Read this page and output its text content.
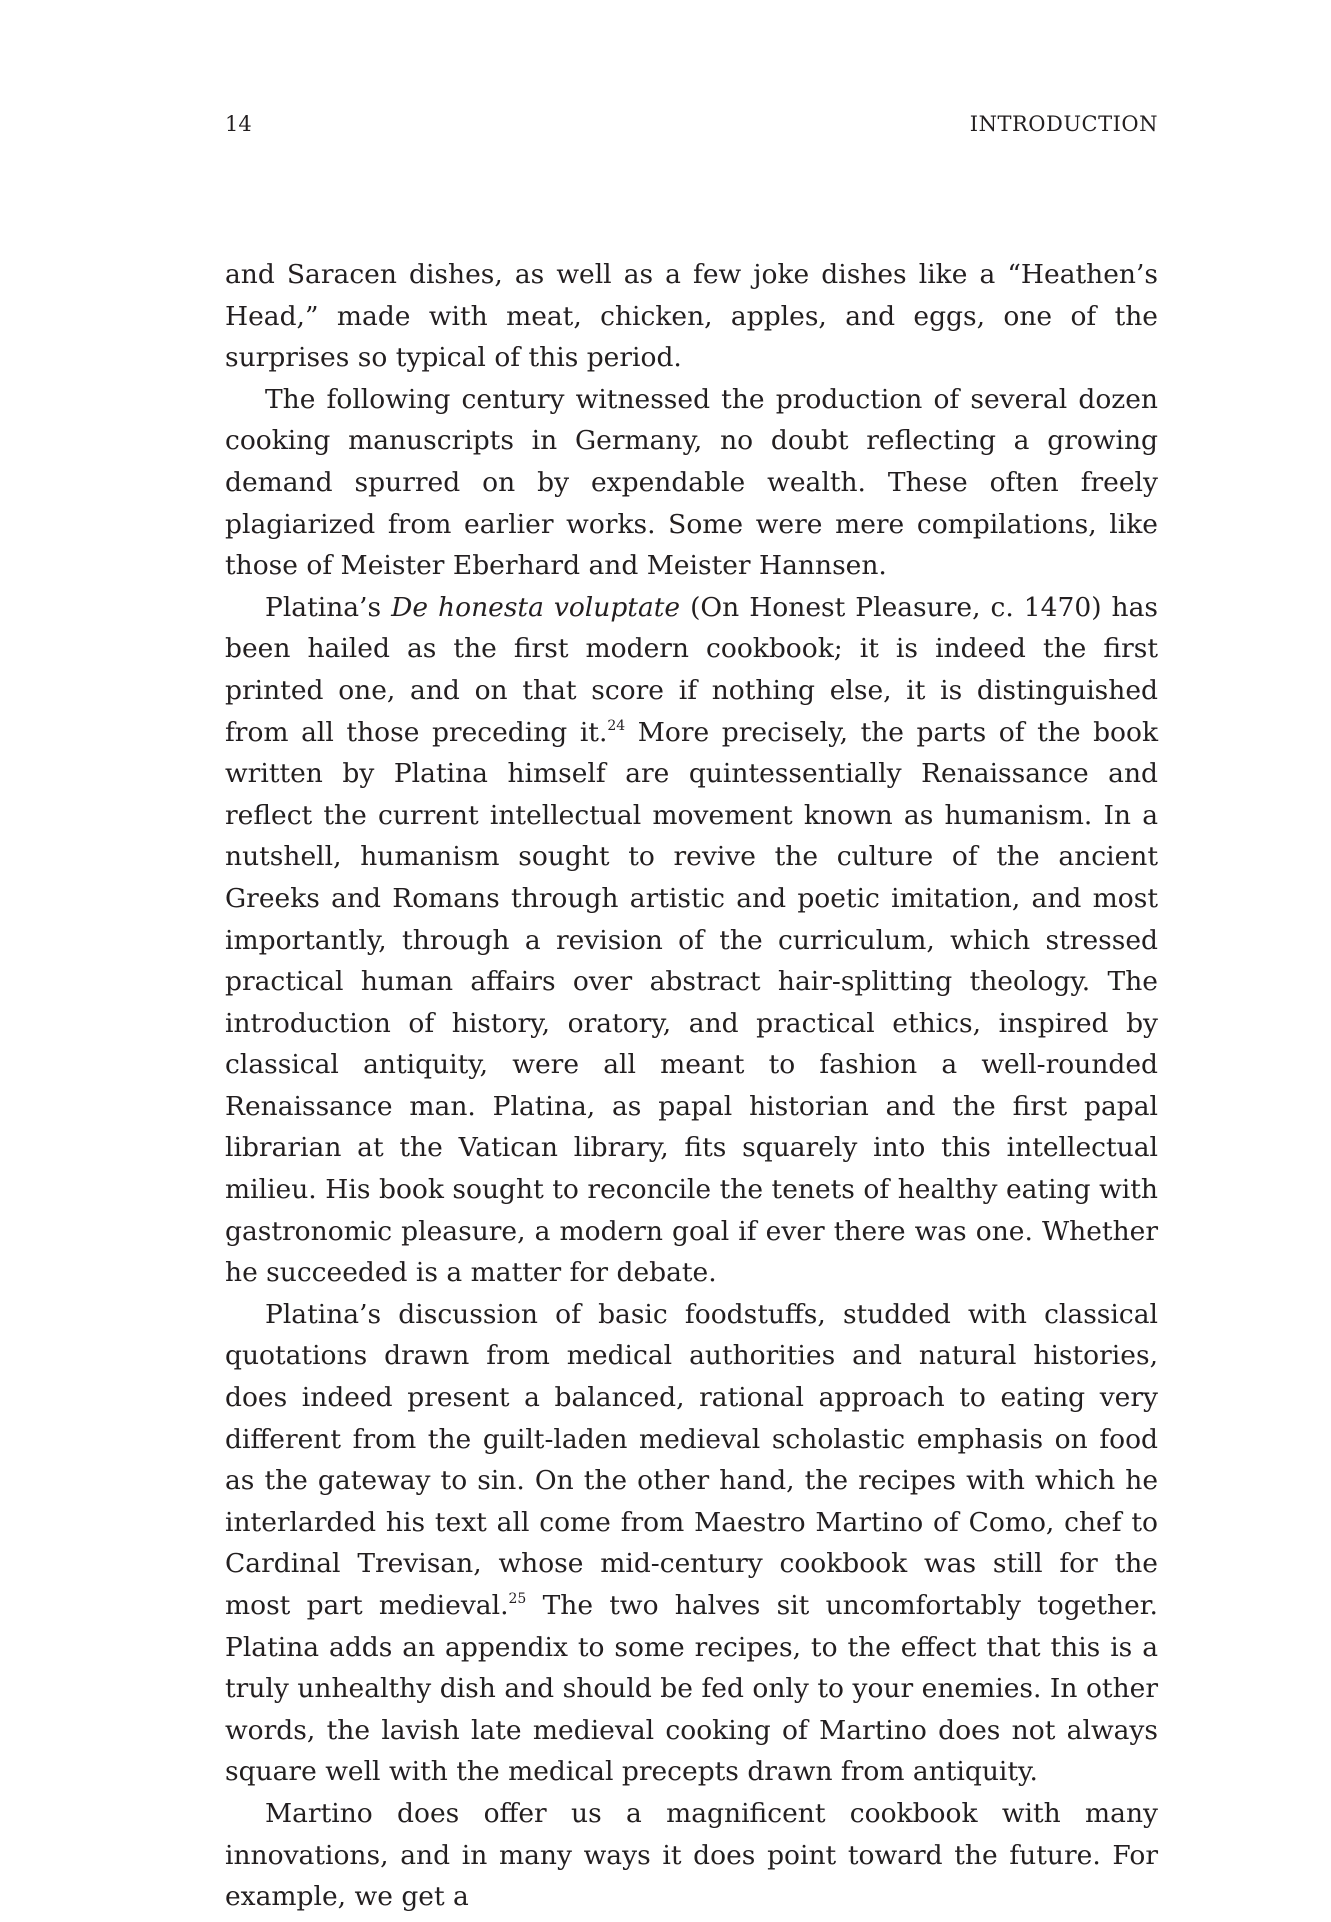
14	INTRODUCTION

and Saracen dishes, as well as a few joke dishes like a “Heathen’s Head,” made with meat, chicken, apples, and eggs, one of the surprises so typical of this period.

The following century witnessed the production of several dozen cooking manuscripts in Germany, no doubt reflecting a growing demand spurred on by expendable wealth. These often freely plagiarized from earlier works. Some were mere compilations, like those of Meister Eberhard and Meister Hannsen.

Platina’s De honesta voluptate (On Honest Pleasure, c. 1470) has been hailed as the first modern cookbook; it is indeed the first printed one, and on that score if nothing else, it is distinguished from all those preceding it.$^{24}$ More precisely, the parts of the book written by Platina himself are quintessentially Renaissance and reflect the current intellectual movement known as humanism. In a nutshell, humanism sought to revive the culture of the ancient Greeks and Romans through artistic and poetic imitation, and most importantly, through a revision of the curriculum, which stressed practical human affairs over abstract hair-splitting theology. The introduction of history, oratory, and practical ethics, inspired by classical antiquity, were all meant to fashion a well-rounded Renaissance man. Platina, as papal historian and the first papal librarian at the Vatican library, fits squarely into this intellectual milieu. His book sought to reconcile the tenets of healthy eating with gastronomic pleasure, a modern goal if ever there was one. Whether he succeeded is a matter for debate.

Platina’s discussion of basic foodstuffs, studded with classical quotations drawn from medical authorities and natural histories, does indeed present a balanced, rational approach to eating very different from the guilt-laden medieval scholastic emphasis on food as the gateway to sin. On the other hand, the recipes with which he interlarded his text all come from Maestro Martino of Como, chef to Cardinal Trevisan, whose mid-century cookbook was still for the most part medieval.$^{25}$ The two halves sit uncomfortably together. Platina adds an appendix to some recipes, to the effect that this is a truly unhealthy dish and should be fed only to your enemies. In other words, the lavish late medieval cooking of Martino does not always square well with the medical precepts drawn from antiquity.

Martino does offer us a magnificent cookbook with many innovations, and in many ways it does point toward the future. For example, we get a
